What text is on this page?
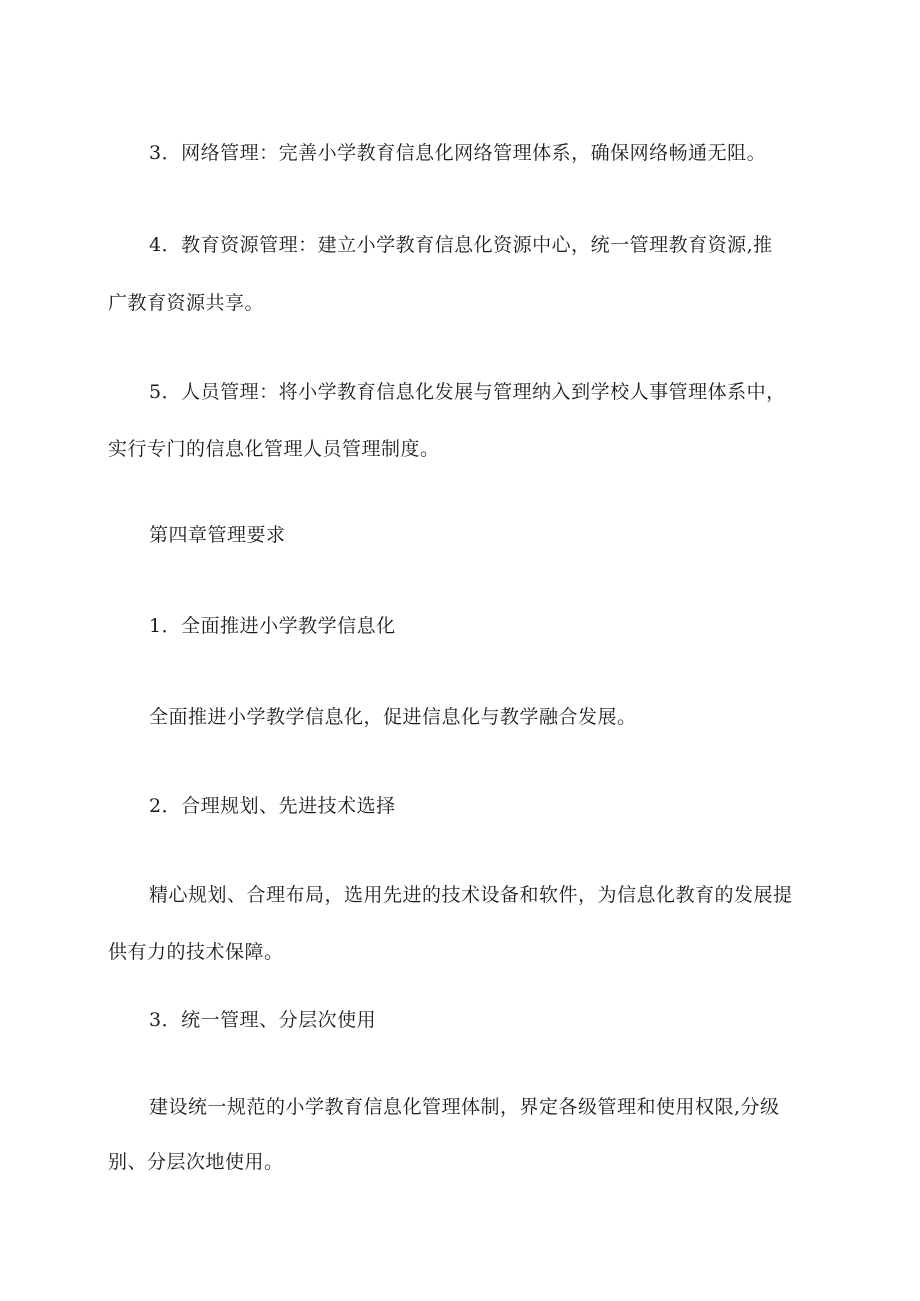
3．网络管理：完善小学教育信息化网络管理体系，确保网络畅通无阻。

4．教育资源管理：建立小学教育信息化资源中心，统一管理教育资源,推

广教育资源共享。

5．人员管理：将小学教育信息化发展与管理纳入到学校人事管理体系中，

实行专门的信息化管理人员管理制度。

第四章管理要求

1．全面推进小学教学信息化

全面推进小学教学信息化，促进信息化与教学融合发展。

2．合理规划、先进技术选择

精心规划、合理布局，选用先进的技术设备和软件，为信息化教育的发展提

供有力的技术保障。

3．统一管理、分层次使用

建设统一规范的小学教育信息化管理体制，界定各级管理和使用权限,分级

别、分层次地使用。
